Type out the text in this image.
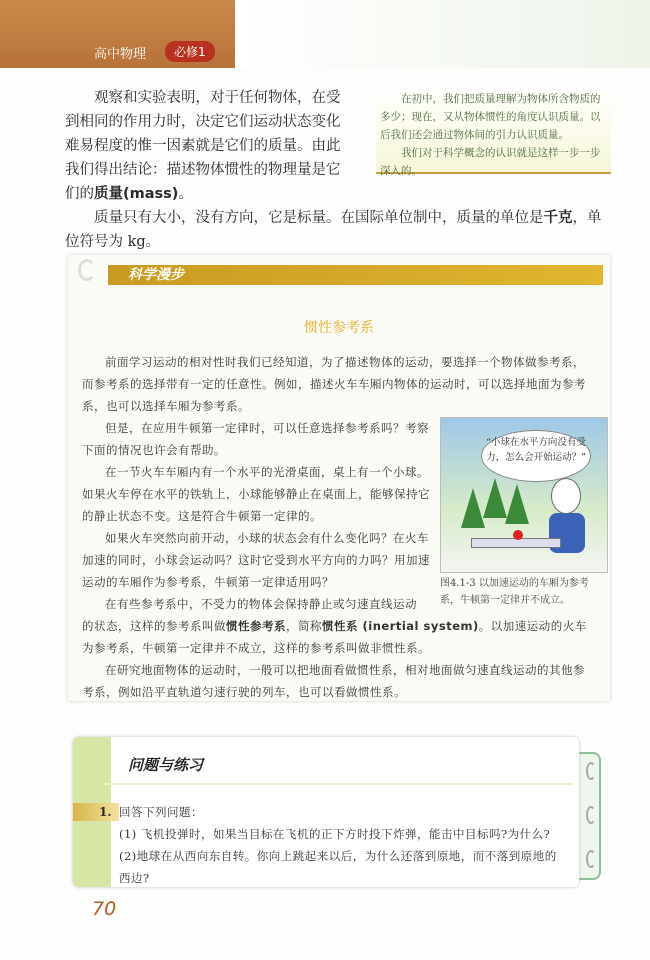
高中物理	必修1
观察和实验表明，对于任何物体，在受到相同的作用力时，决定它们运动状态变化难易程度的惟一因素就是它们的质量。由此我们得出结论：描述物体惯性的物理量是它们的质量(mass)。
在初中，我们把质量理解为物体所含物质的多少；现在，又从物体惯性的角度认识质量。以后我们还会通过物体间的引力认识质量。
我们对于科学概念的认识就是这样一步一步深入的。
质量只有大小，没有方向，它是标量。在国际单位制中，质量的单位是千克，单位符号为 kg。
科学漫步
惯性参考系
前面学习运动的相对性时我们已经知道，为了描述物体的运动，要选择一个物体做参考系，而参考系的选择带有一定的任意性。例如，描述火车车厢内物体的运动时，可以选择地面为参考系，也可以选择车厢为参考系。
但是，在应用牛顿第一定律时，可以任意选择参考系吗？考察下面的情况也许会有帮助。
在一节火车车厢内有一个水平的光滑桌面，桌上有一个小球。如果火车停在水平的铁轨上，小球能够静止在桌面上，能够保持它的静止状态不变。这是符合牛顿第一定律的。
如果火车突然向前开动，小球的状态会有什么变化吗？在火车加速的同时，小球会运动吗？这时它受到水平方向的力吗？用加速运动的车厢作为参考系，牛顿第一定律适用吗？
在有些参考系中，不受力的物体会保持静止或匀速直线运动
的状态，这样的参考系叫做惯性参考系，简称惯性系 (inertial system)。以加速运动的火车为参考系，牛顿第一定律并不成立，这样的参考系叫做非惯性系。
在研究地面物体的运动时，一般可以把地面看做惯性系，相对地面做匀速直线运动的其他参考系，例如沿平直轨道匀速行驶的列车，也可以看做惯性系。
“小球在水平方向没有受力，怎么会开始运动？”
图4.1-3 以加速运动的车厢为参考系，牛顿第一定律并不成立。
问题与练习
1. 回答下列问题：
(1) 飞机投弹时，如果当目标在飞机的正下方时投下炸弹，能击中目标吗?为什么?
(2)地球在从西向东自转。你向上跳起来以后，为什么还落到原地，而不落到原地的西边?
70
